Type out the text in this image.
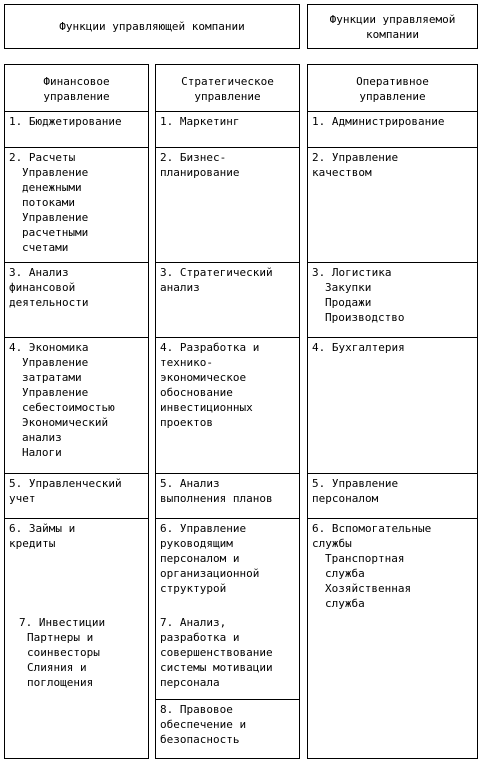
Функции управляющей компании
Функции управляемой
компании
Финансовое
управление
1. Бюджетирование
2. Расчеты
Управление
денежными
потоками
Управление
расчетными
счетами
3. Анализ
финансовой
деятельности
4. Экономика
Управление
затратами
Управление
себестоимостью
Экономический
анализ
Налоги
5. Управленческий
учет
6. Займы и
кредиты
7. Инвестиции
Партнеры и
соинвесторы
Слияния и
поглощения
Стратегическое
управление
1. Маркетинг
2. Бизнес-
планирование
3. Стратегический
анализ
4. Разработка и
технико-
экономическое
обоснование
инвестиционных
проектов
5. Анализ
выполнения планов
6. Управление
руководящим
персоналом и
организационной
структурой
7. Анализ,
разработка и
совершенствование
системы мотивации
персонала
8. Правовое
обеспечение и
безопасность
Оперативное
управление
1. Администрирование
2. Управление
качеством
3. Логистика
Закупки
Продажи
Производство
4. Бухгалтерия
5. Управление
персоналом
6. Вспомогательные
службы
Транспортная
служба
Хозяйственная
служба
